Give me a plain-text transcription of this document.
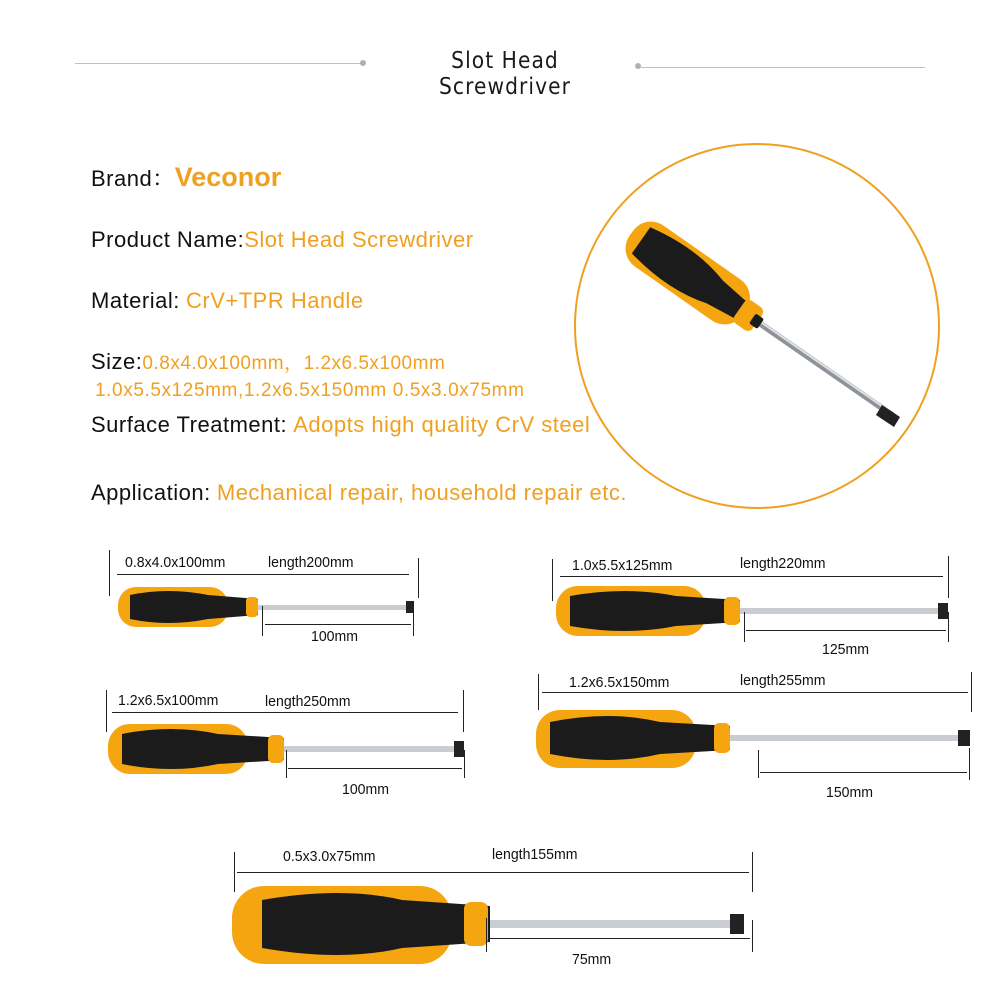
Slot Head Screwdriver
Brand：Veconor
Product Name:Slot Head Screwdriver
Material: CrV+TPR Handle
Size:0.8x4.0x100mm，1.2x6.5x100mm
1.0x5.5x125mm,1.2x6.5x150mm 0.5x3.0x75mm
Surface Treatment: Adopts high quality CrV steel
Application: Mechanical repair, household repair etc.
0.8x4.0x100mm	length200mm
100mm
1.0x5.5x125mm	length220mm
125mm
1.2x6.5x100mm	length250mm
100mm
1.2x6.5x150mm	length255mm
150mm
0.5x3.0x75mm	length155mm
75mm
